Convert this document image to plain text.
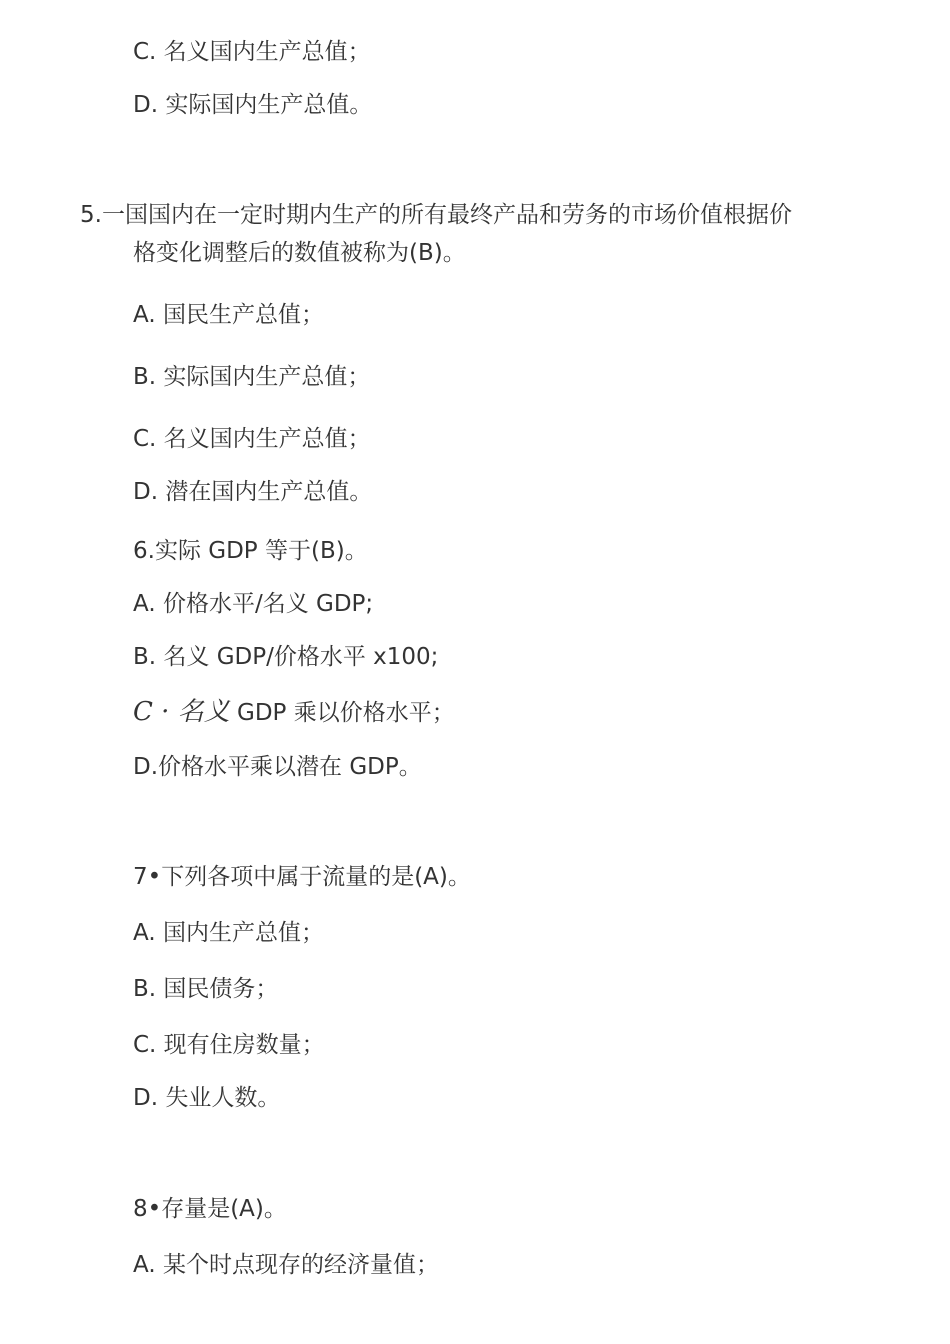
C. 名义国内生产总值；
D. 实际国内生产总值。
5.一国国内在一定时期内生产的所有最终产品和劳务的市场价值根据价
格变化调整后的数值被称为(B)。
A. 国民生产总值；
B. 实际国内生产总值；
C. 名义国内生产总值；
D. 潜在国内生产总值。
6.实际 GDP 等于(B)。
A. 价格水平/名义 GDP;
B. 名义 GDP/价格水平 x100;
C · 名义 GDP 乘以价格水平；
D.价格水平乘以潜在 GDP。
7•下列各项中属于流量的是(A)。
A. 国内生产总值；
B. 国民债务；
C. 现有住房数量；
D. 失业人数。
8•存量是(A)。
A. 某个时点现存的经济量值；
